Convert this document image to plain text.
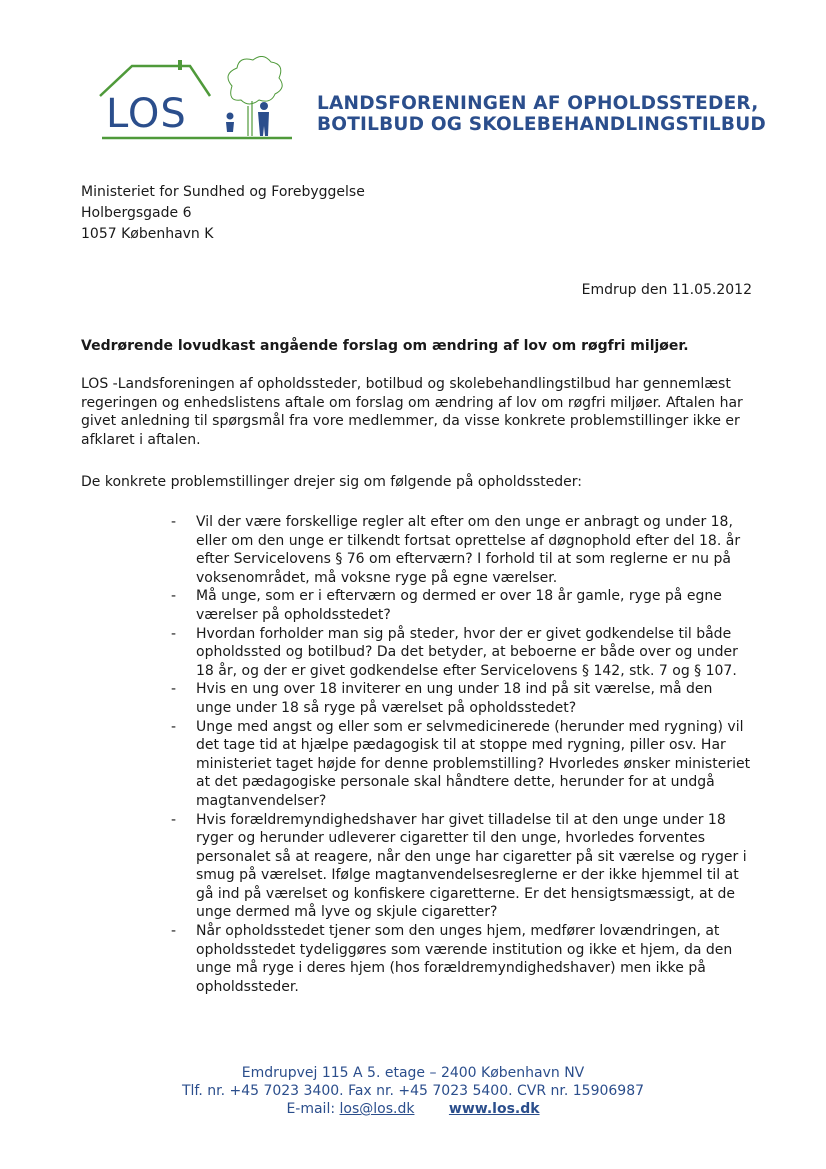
LOS	LANDSFORENINGEN AF OPHOLDSSTEDER,
BOTILBUD OG SKOLEBEHANDLINGSTILBUD
Ministeriet for Sundhed og Forebyggelse
Holbergsgade 6
1057 København K
Emdrup den 11.05.2012
Vedrørende lovudkast angående forslag om ændring af lov om røgfri miljøer.
LOS -Landsforeningen af opholdssteder, botilbud og skolebehandlingstilbud har gennemlæst
regeringen og enhedslistens aftale om forslag om ændring af lov om røgfri miljøer. Aftalen har
givet anledning til spørgsmål fra vore medlemmer, da visse konkrete problemstillinger ikke er
afklaret i aftalen.
De konkrete problemstillinger drejer sig om følgende på opholdssteder:
- Vil der være forskellige regler alt efter om den unge er anbragt og under 18,
eller om den unge er tilkendt fortsat oprettelse af døgnophold efter del 18. år
efter Servicelovens § 76 om efterværn? I forhold til at som reglerne er nu på
voksenområdet, må voksne ryge på egne værelser.
- Må unge, som er i efterværn og dermed er over 18 år gamle, ryge på egne
værelser på opholdsstedet?
- Hvordan forholder man sig på steder, hvor der er givet godkendelse til både
opholdssted og botilbud? Da det betyder, at beboerne er både over og under
18 år, og der er givet godkendelse efter Servicelovens § 142, stk. 7 og § 107.
- Hvis en ung over 18 inviterer en ung under 18 ind på sit værelse, må den
unge under 18 så ryge på værelset på opholdsstedet?
- Unge med angst og eller som er selvmedicinerede (herunder med rygning) vil
det tage tid at hjælpe pædagogisk til at stoppe med rygning, piller osv. Har
ministeriet taget højde for denne problemstilling? Hvorledes ønsker ministeriet
at det pædagogiske personale skal håndtere dette, herunder for at undgå
magtanvendelser?
- Hvis forældremyndighedshaver har givet tilladelse til at den unge under 18
ryger og herunder udleverer cigaretter til den unge, hvorledes forventes
personalet så at reagere, når den unge har cigaretter på sit værelse og ryger i
smug på værelset. Ifølge magtanvendelsesreglerne er der ikke hjemmel til at
gå ind på værelset og konfiskere cigaretterne. Er det hensigtsmæssigt, at de
unge dermed må lyve og skjule cigaretter?
- Når opholdsstedet tjener som den unges hjem, medfører lovændringen, at
opholdsstedet tydeliggøres som værende institution og ikke et hjem, da den
unge må ryge i deres hjem (hos forældremyndighedshaver) men ikke på
opholdssteder.
Emdrupvej 115 A 5. etage – 2400 København NV
Tlf. nr. +45 7023 3400. Fax nr. +45 7023 5400. CVR nr. 15906987
E-mail: los@los.dk www.los.dk
